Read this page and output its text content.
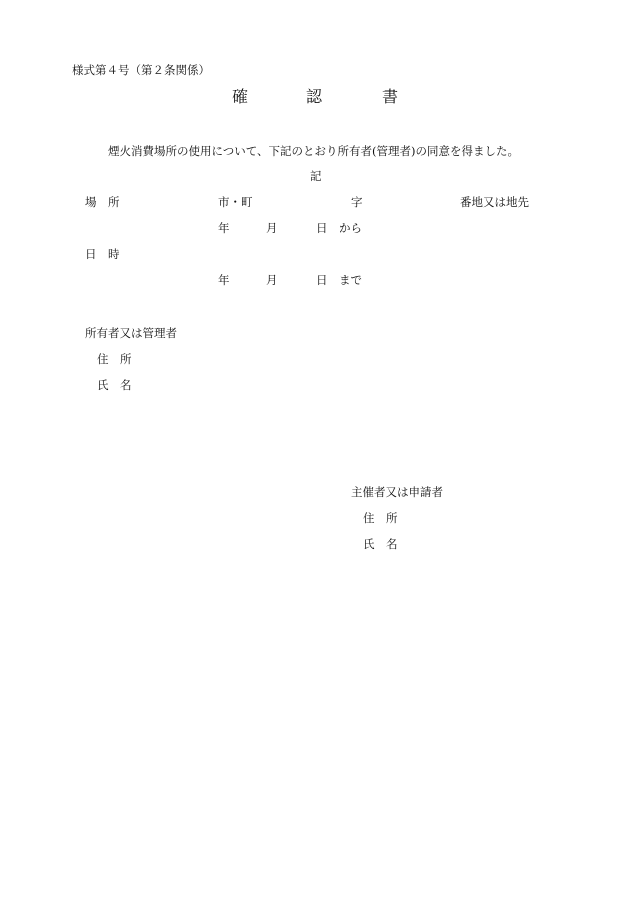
様式第４号（第２条関係）
確	認	書
煙火消費場所の使用について、下記のとおり所有者(管理者)の同意を得ました。
記
場　所	市・町	字	番地又は地先
年	月	日 から
日　時
年	月	日 まで
所有者又は管理者
住　所
氏　名
主催者又は申請者
住　所
氏　名
